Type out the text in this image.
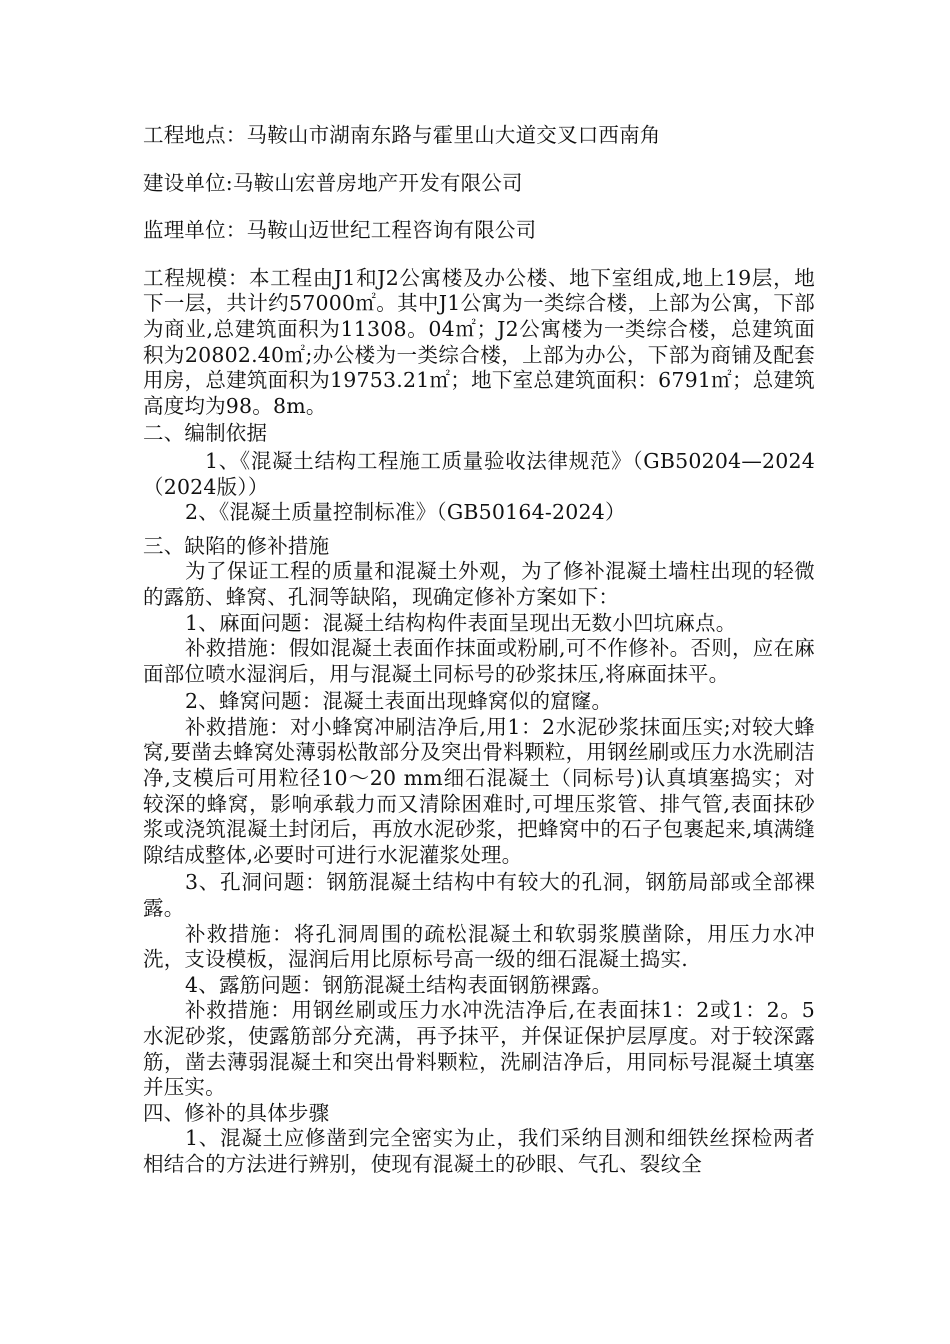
工程地点：马鞍山市湖南东路与霍里山大道交叉口西南角

建设单位:马鞍山宏普房地产开发有限公司

监理单位：马鞍山迈世纪工程咨询有限公司

工程规模：本工程由J1和J2公寓楼及办公楼、地下室组成,地上19层，地下一层，共计约57000㎡。其中J1公寓为一类综合楼，上部为公寓，下部为商业,总建筑面积为11308。04㎡；J2公寓楼为一类综合楼，总建筑面积为20802.40㎡;办公楼为一类综合楼，上部为办公，下部为商铺及配套用房，总建筑面积为19753.21㎡；地下室总建筑面积：6791㎡；总建筑高度均为98。8m。

二、编制依据

1、《混凝土结构工程施工质量验收法律规范》（GB50204—2024（2024版））

2、《混凝土质量控制标准》（GB50164-2024）

三、缺陷的修补措施

为了保证工程的质量和混凝土外观，为了修补混凝土墙柱出现的轻微的露筋、蜂窝、孔洞等缺陷，现确定修补方案如下：

1、麻面问题：混凝土结构构件表面呈现出无数小凹坑麻点。

补救措施：假如混凝土表面作抹面或粉刷,可不作修补。否则，应在麻面部位喷水湿润后，用与混凝土同标号的砂浆抹压,将麻面抹平。

2、蜂窝问题：混凝土表面出现蜂窝似的窟窿。

补救措施：对小蜂窝冲刷洁净后,用1：2水泥砂浆抹面压实;对较大蜂窝,要凿去蜂窝处薄弱松散部分及突出骨料颗粒，用钢丝刷或压力水洗刷洁净,支模后可用粒径10～20 mm细石混凝土（同标号)认真填塞捣实；对较深的蜂窝，影响承载力而又清除困难时,可埋压浆管、排气管,表面抹砂浆或浇筑混凝土封闭后，再放水泥砂浆，把蜂窝中的石子包裹起来,填满缝隙结成整体,必要时可进行水泥灌浆处理。

3、孔洞问题：钢筋混凝土结构中有较大的孔洞，钢筋局部或全部裸露。

补救措施：将孔洞周围的疏松混凝土和软弱浆膜凿除，用压力水冲洗，支设模板，湿润后用比原标号高一级的细石混凝土捣实.

4、露筋问题：钢筋混凝土结构表面钢筋裸露。

补救措施：用钢丝刷或压力水冲洗洁净后,在表面抹1：2或1：2。5水泥砂浆，使露筋部分充满，再予抹平，并保证保护层厚度。对于较深露筋，凿去薄弱混凝土和突出骨料颗粒，洗刷洁净后，用同标号混凝土填塞并压实。

四、修补的具体步骤

1、混凝土应修凿到完全密实为止，我们采纳目测和细铁丝探检两者相结合的方法进行辨别，使现有混凝土的砂眼、气孔、裂纹全
